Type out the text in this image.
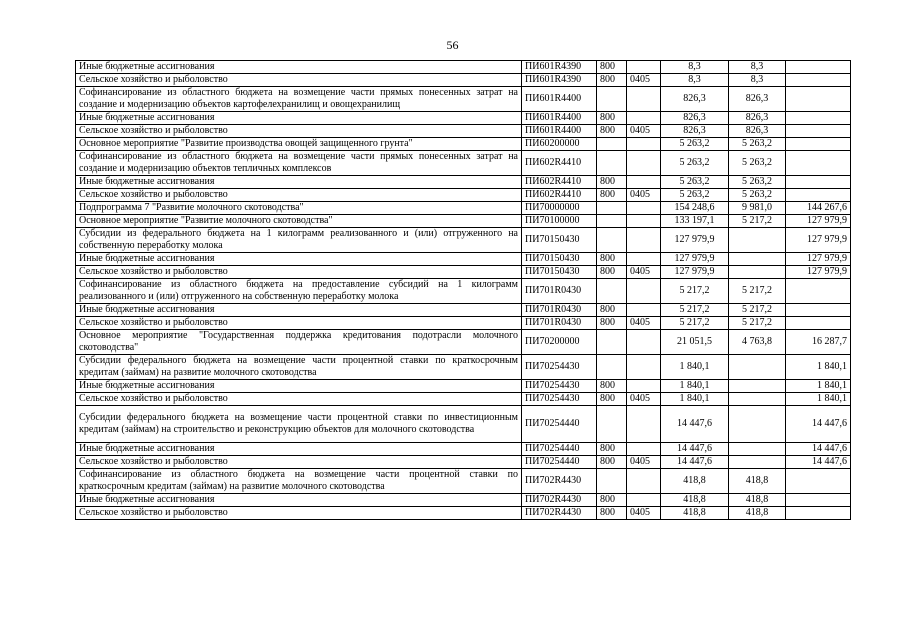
56
Иные бюджетные ассигнования	ПИ601R4390	800		8,3	8,3	
Сельское хозяйство и рыболовство	ПИ601R4390	800	0405	8,3	8,3	
Софинансирование из областного бюджета на возмещение части прямых понесенных затрат на создание и модернизацию объектов картофелехранилищ и овощехранилищ	ПИ601R4400			826,3	826,3	
Иные бюджетные ассигнования	ПИ601R4400	800		826,3	826,3	
Сельское хозяйство и рыболовство	ПИ601R4400	800	0405	826,3	826,3	
Основное мероприятие "Развитие производства овощей защищенного грунта"	ПИ60200000			5 263,2	5 263,2	
Софинансирование из областного бюджета на возмещение части прямых понесенных затрат на создание и модернизацию объектов тепличных комплексов	ПИ602R4410			5 263,2	5 263,2	
Иные бюджетные ассигнования	ПИ602R4410	800		5 263,2	5 263,2	
Сельское хозяйство и рыболовство	ПИ602R4410	800	0405	5 263,2	5 263,2	
Подпрограмма 7 "Развитие молочного скотоводства"	ПИ70000000			154 248,6	9 981,0	144 267,6
Основное мероприятие "Развитие молочного скотоводства"	ПИ70100000			133 197,1	5 217,2	127 979,9
Субсидии из федерального бюджета на 1 килограмм реализованного и (или) отгруженного на собственную переработку молока	ПИ70150430			127 979,9		127 979,9
Иные бюджетные ассигнования	ПИ70150430	800		127 979,9		127 979,9
Сельское хозяйство и рыболовство	ПИ70150430	800	0405	127 979,9		127 979,9
Софинансирование из областного бюджета на предоставление субсидий на 1 килограмм реализованного и (или) отгруженного на собственную переработку молока	ПИ701R0430			5 217,2	5 217,2	
Иные бюджетные ассигнования	ПИ701R0430	800		5 217,2	5 217,2	
Сельское хозяйство и рыболовство	ПИ701R0430	800	0405	5 217,2	5 217,2	
Основное мероприятие "Государственная поддержка кредитования подотрасли молочного скотоводства"	ПИ70200000			21 051,5	4 763,8	16 287,7
Субсидии федерального бюджета на возмещение части процентной ставки по краткосрочным кредитам (займам) на развитие молочного скотоводства	ПИ70254430			1 840,1		1 840,1
Иные бюджетные ассигнования	ПИ70254430	800		1 840,1		1 840,1
Сельское хозяйство и рыболовство	ПИ70254430	800	0405	1 840,1		1 840,1
Субсидии федерального бюджета на возмещение части процентной ставки по инвестиционным кредитам (займам) на строительство и реконструкцию объектов для молочного скотоводства	ПИ70254440			14 447,6		14 447,6
Иные бюджетные ассигнования	ПИ70254440	800		14 447,6		14 447,6
Сельское хозяйство и рыболовство	ПИ70254440	800	0405	14 447,6		14 447,6
Софинансирование из областного бюджета на возмещение части процентной ставки по краткосрочным кредитам (займам) на развитие молочного скотоводства	ПИ702R4430			418,8	418,8	
Иные бюджетные ассигнования	ПИ702R4430	800		418,8	418,8	
Сельское хозяйство и рыболовство	ПИ702R4430	800	0405	418,8	418,8	
